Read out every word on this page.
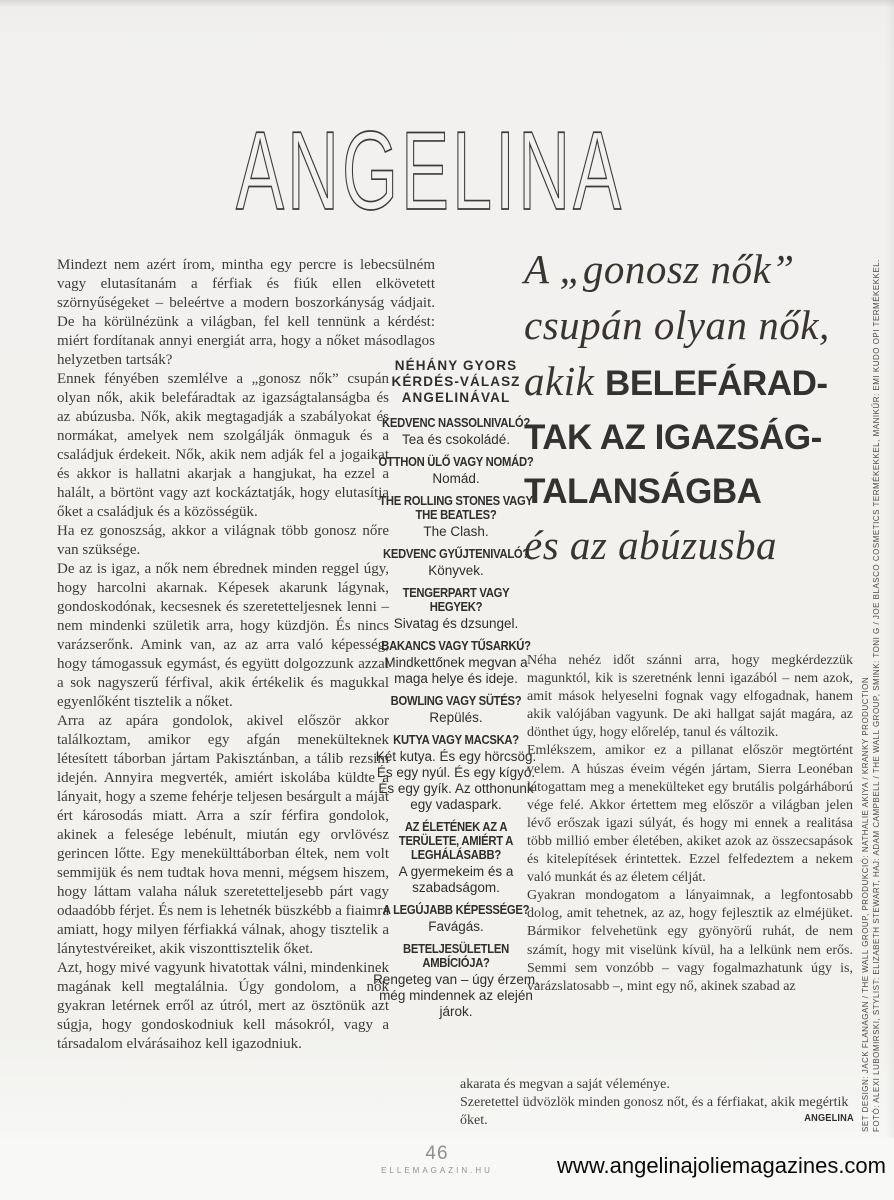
ANGELINA

Mindezt nem azért írom, mintha egy percre is lebecsülném vagy elutasítanám a férfiak és fiúk ellen elkövetett szörnyűségeket – beleértve a modern boszorkányság vádjait. De ha körülnézünk a világban, fel kell tennünk a kérdést: miért fordítanak annyi energiát arra, hogy a nőket másodlagos helyzetben tartsák?

Ennek fényében szemlélve a „gonosz nők” csupán olyan nők, akik belefáradtak az igazságtalanságba és az abúzusba. Nők, akik megtagadják a szabályokat és normákat, amelyek nem szolgálják önmaguk és a családjuk érdekeit. Nők, akik nem adják fel a jogaikat és akkor is hallatni akarjak a hangjukat, ha ezzel a halált, a börtönt vagy azt kockáztatják, hogy elutasítja őket a családjuk és a közösségük.

Ha ez gonoszság, akkor a világnak több gonosz nőre van szüksége.

De az is igaz, a nők nem ébrednek minden reggel úgy, hogy harcolni akarnak. Képesek akarunk lágynak, gondoskodónak, kecsesnek és szeretetteljesnek lenni – nem mindenki születik arra, hogy küzdjön. És nincs varázserőnk. Amink van, az az arra való képesség, hogy támogassuk egymást, és együtt dolgozzunk azzal a sok nagyszerű férfival, akik értékelik és magukkal egyenlőként tisztelik a nőket.

Arra az apára gondolok, akivel először akkor találkoztam, amikor egy afgán menekülteknek létesített táborban jártam Pakisztánban, a tálib rezsim idején. Annyira megverték, amiért iskolába küldte a lányait, hogy a szeme fehérje teljesen besárgult a máját ért károsodás miatt. Arra a szír férfira gondolok, akinek a felesége lebénult, miután egy orvlövész gerincen lőtte. Egy menekülttáborban éltek, nem volt semmijük és nem tudtak hova menni, mégsem hiszem, hogy láttam valaha náluk szeretetteljesebb párt vagy odaadóbb férjet. És nem is lehetnék büszkébb a fiaimra amiatt, hogy milyen férfiakká válnak, ahogy tisztelik a lánytestvéreiket, akik viszonttisztelik őket.

Azt, hogy mivé vagyunk hivatottak válni, mindenkinek magának kell megtalálnia. Úgy gondolom, a nők gyakran letérnek erről az útról, mert az ösztönük azt súgja, hogy gondoskodniuk kell másokról, vagy a társadalom elvárásaihoz kell igazodniuk.

A „gonosz nők”
csupán olyan nők,
akik BELEFÁRAD-
TAK AZ IGAZSÁG-
TALANSÁGBA
és az abúzusba
NÉHÁNY GYORS KÉRDÉS-VÁLASZ ANGELINÁVAL
KEDVENC NASSOLNIVALÓ?
Tea és csokoládé.
OTTHON ÜLŐ VAGY NOMÁD?
Nomád.
THE ROLLING STONES VAGY THE BEATLES?
The Clash.
KEDVENC GYŰJTENIVALÓ?
Könyvek.
TENGERPART VAGY HEGYEK?
Sivatag és dzsungel.
BAKANCS VAGY TŰSARKÚ?
Mindkettőnek megvan a maga helye és ideje.
BOWLING VAGY SÜTÉS?
Repülés.
KUTYA VAGY MACSKA?
Két kutya. És egy hörcsög. És egy nyúl. És egy kígyó. És egy gyík. Az otthonunk egy vadaspark.
AZ ÉLETÉNEK AZ A TERÜLETE, AMIÉRT A LEGHÁLÁSABB?
A gyermekeim és a szabadságom.
A LEGÚJABB KÉPESSÉGE?
Favágás.
BETELJESÜLETLEN AMBÍCIÓJA?
Rengeteg van – úgy érzem, még mindennek az elején járok.

Néha nehéz időt szánni arra, hogy megkérdezzük magunktól, kik is szeretnénk lenni igazából – nem azok, amit mások helyeselni fognak vagy elfogadnak, hanem akik valójában vagyunk. De aki hallgat saját magára, az dönthet úgy, hogy előrelép, tanul és változik.

Emlékszem, amikor ez a pillanat először megtörtént velem. A húszas éveim végén jártam, Sierra Leonéban látogattam meg a menekülteket egy brutális polgárháború vége felé. Akkor értettem meg először a világban jelen lévő erőszak igazi súlyát, és hogy mi ennek a realitása több millió ember életében, akiket azok az összecsapások és kitelepítések érintettek. Ezzel felfedeztem a nekem való munkát és az életem célját.

Gyakran mondogatom a lányaimnak, a legfontosabb dolog, amit tehetnek, az az, hogy fejlesztik az elméjüket. Bármikor felvehetünk egy gyönyörű ruhát, de nem számít, hogy mit viselünk kívül, ha a lelkünk nem erős. Semmi sem vonzóbb – vagy fogalmazhatunk úgy is, varázslatosabb –, mint egy nő, akinek szabad az

akarata és megvan a saját véleménye.
Szeretettel üdvözlök minden gonosz nőt, és a férfiakat, akik megértik őket.	ANGELINA SET DESIGN: JACK FLANAGAN / THE WALL GROUP, PRODUKCIÓ: NATHALIE AKIYA / KRANKY PRODUCTION FOTÓ: ALEXI LUBOMIRSKI, STYLIST: ELIZABETH STEWART, HAJ: ADAM CAMPBELL / THE WALL GROUP, SMINK: TONI G / JOE BLASCO COSMETICS TERMÉKEKKEL, MANIKŰR: EMI KUDO OPI TERMÉKEKKEL.
46
ELLEMAGAZIN.HU	www.angelinajoliemagazines.com
